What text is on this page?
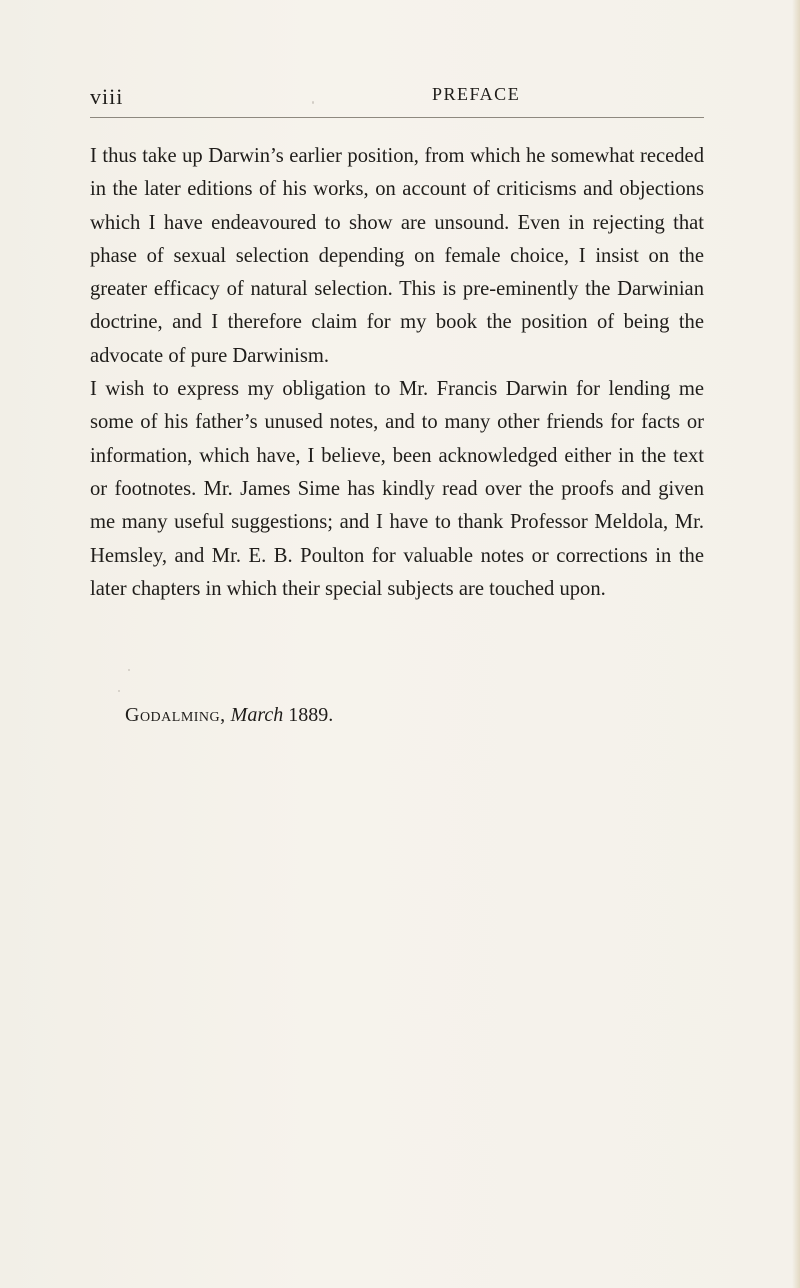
viii	PREFACE

I thus take up Darwin’s earlier position, from which he somewhat receded in the later editions of his works, on account of criticisms and objections which I have endeavoured to show are unsound. Even in rejecting that phase of sexual selection depending on female choice, I insist on the greater efficacy of natural selection. This is pre-eminently the Darwinian doctrine, and I therefore claim for my book the position of being the advocate of pure Darwinism.

I wish to express my obligation to Mr. Francis Darwin for lending me some of his father’s unused notes, and to many other friends for facts or information, which have, I believe, been acknowledged either in the text or footnotes. Mr. James Sime has kindly read over the proofs and given me many useful suggestions; and I have to thank Professor Meldola, Mr. Hemsley, and Mr. E. B. Poulton for valuable notes or corrections in the later chapters in which their special subjects are touched upon.

Godalming, March 1889.
